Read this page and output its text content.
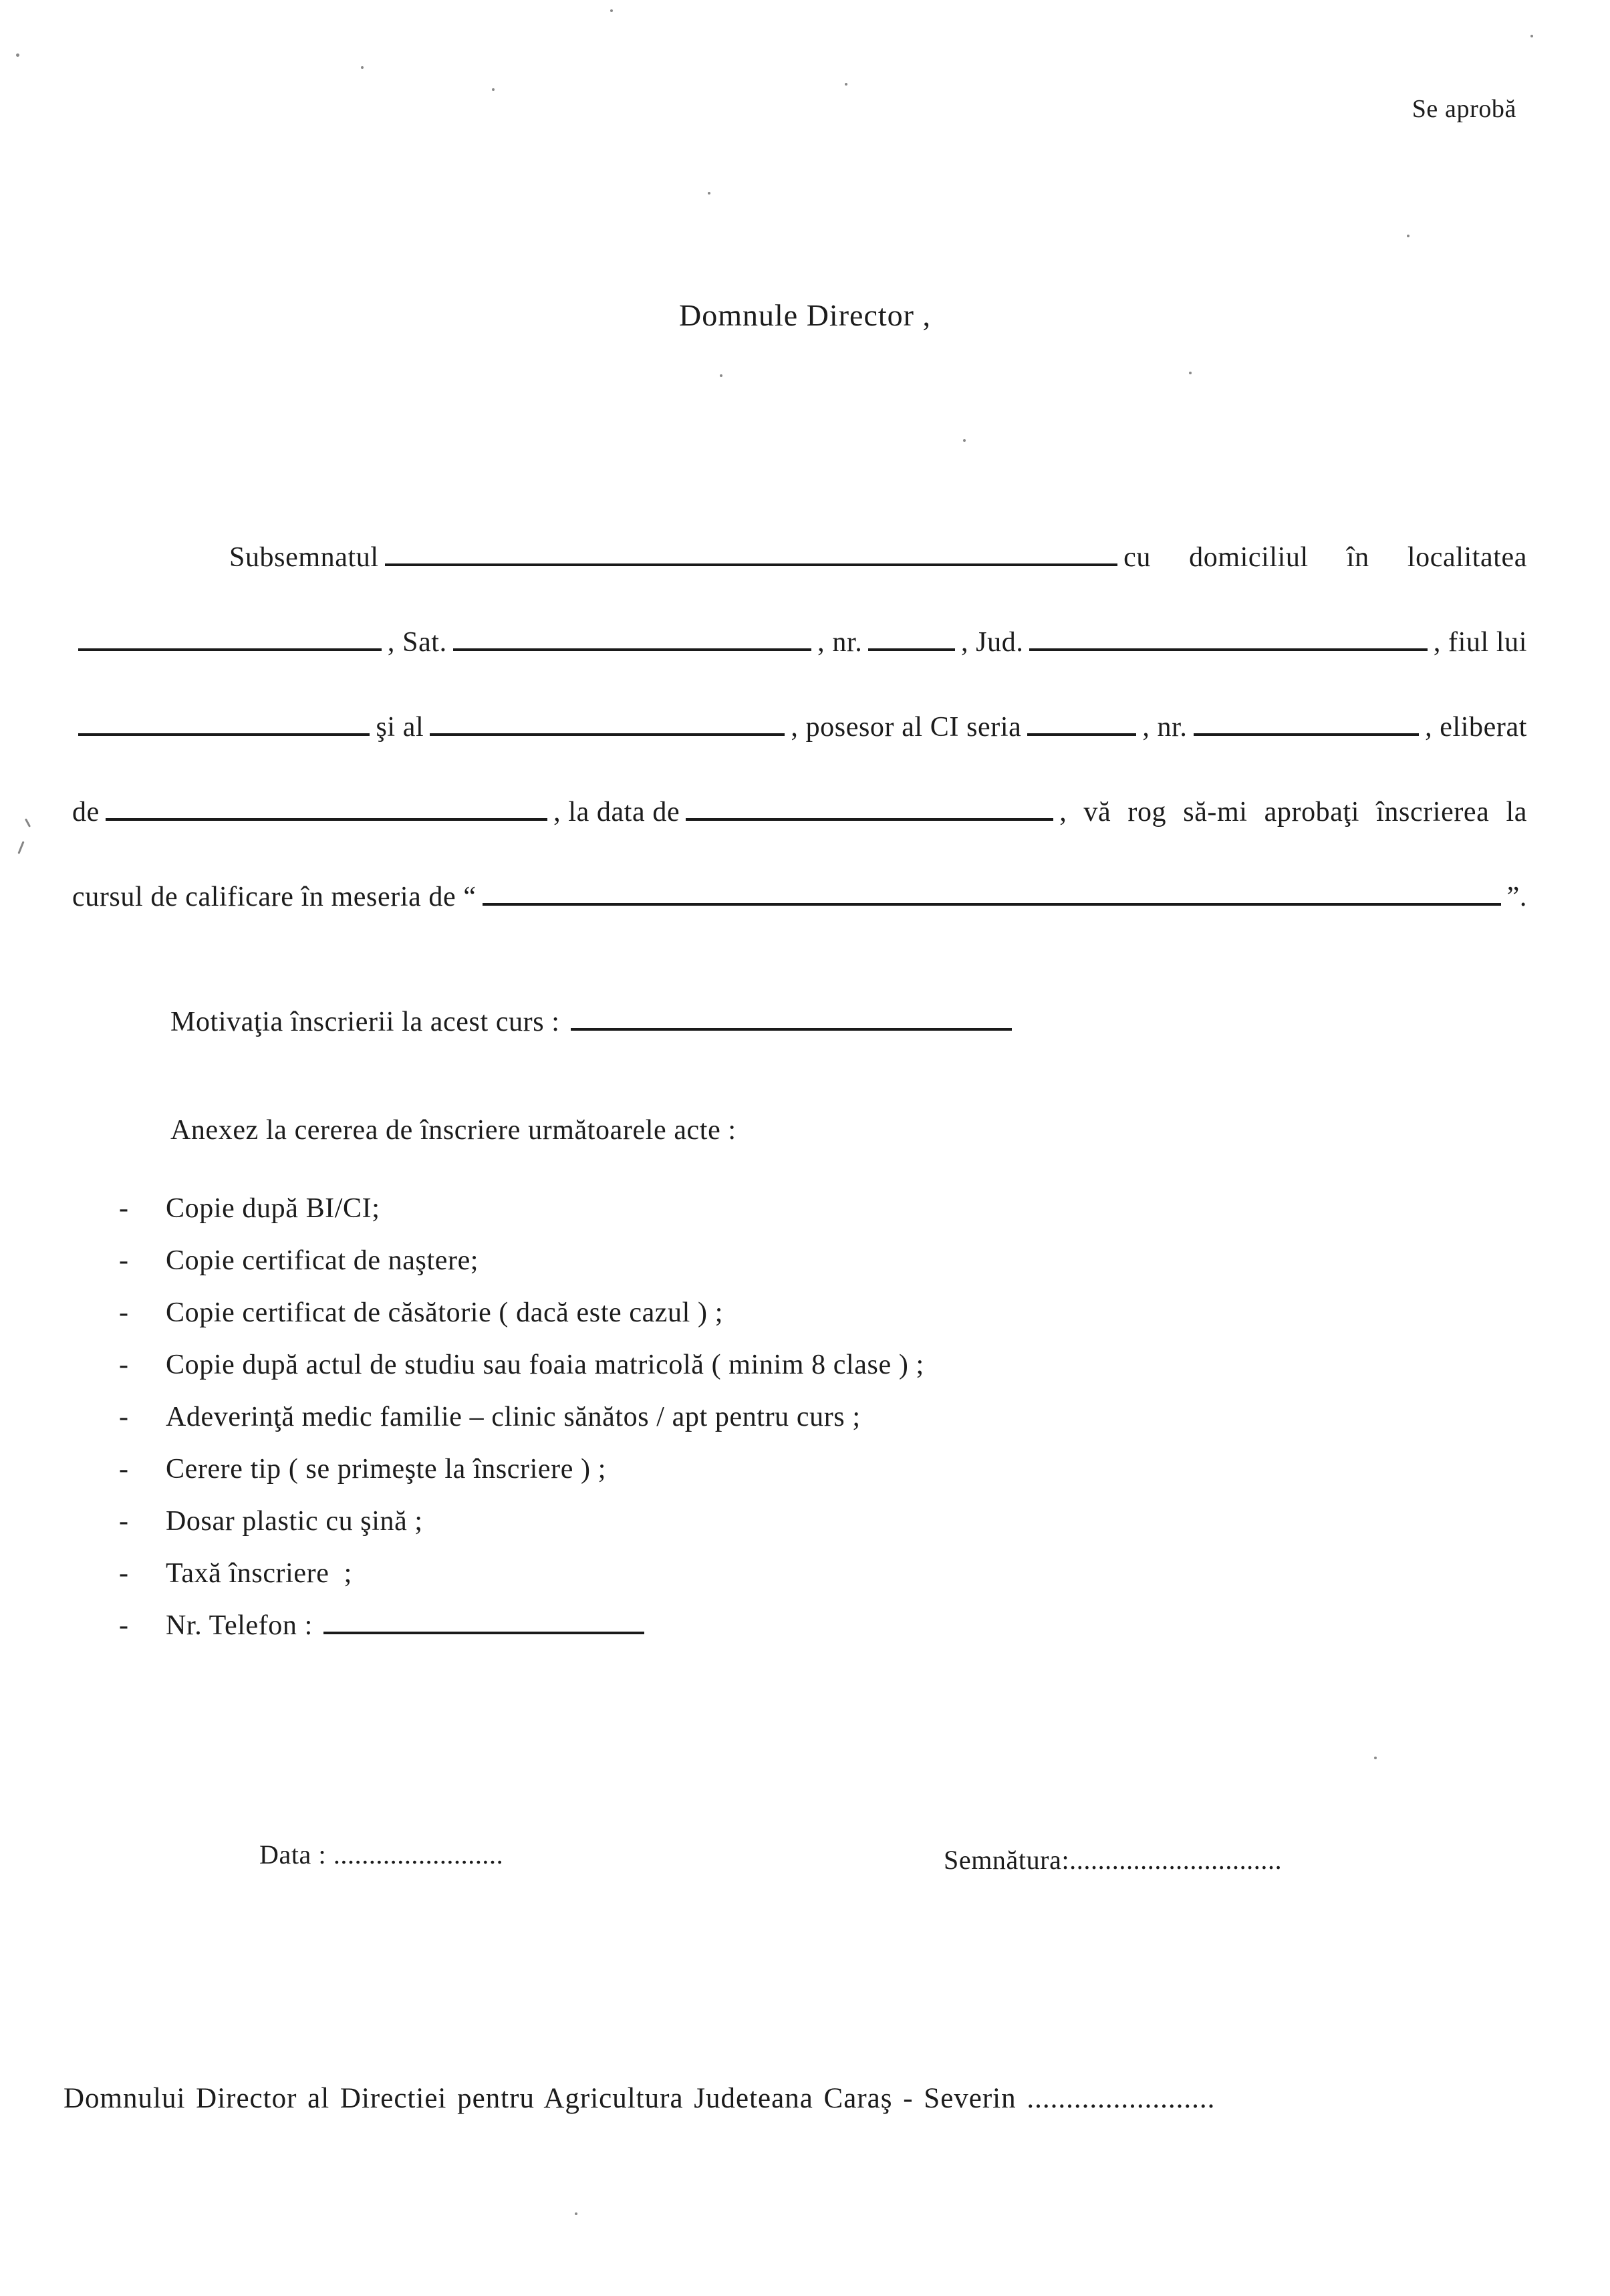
Se aprobă
Domnule Director ,
Subsemnatul	cu domiciliul în localitatea
, Sat.	, nr.	, Jud.	, fiul lui
şi al	, posesor al CI seria	, nr.	, eliberat
de	, la data de	, vă rog să-mi aprobaţi înscrierea la
cursul de calificare în meseria de “	”.
Motivaţia înscrierii la acest curs :
Anexez la cererea de înscriere următoarele acte :
-	Copie după BI/CI;
-	Copie certificat de naştere;
-	Copie certificat de căsătorie ( dacă este cazul ) ;
-	Copie după actul de studiu sau foaia matricolă ( minim 8 clase ) ;
-	Adeverinţă medic familie – clinic sănătos / apt pentru curs ;
-	Cerere tip ( se primeşte la înscriere ) ;
-	Dosar plastic cu şină ;
-	Taxă înscriere  ;
-	Nr. Telefon :
Data : ........................	Semnătura:..............................
Domnului Director al Directiei pentru Agricultura Judeteana Caraş - Severin ........................
